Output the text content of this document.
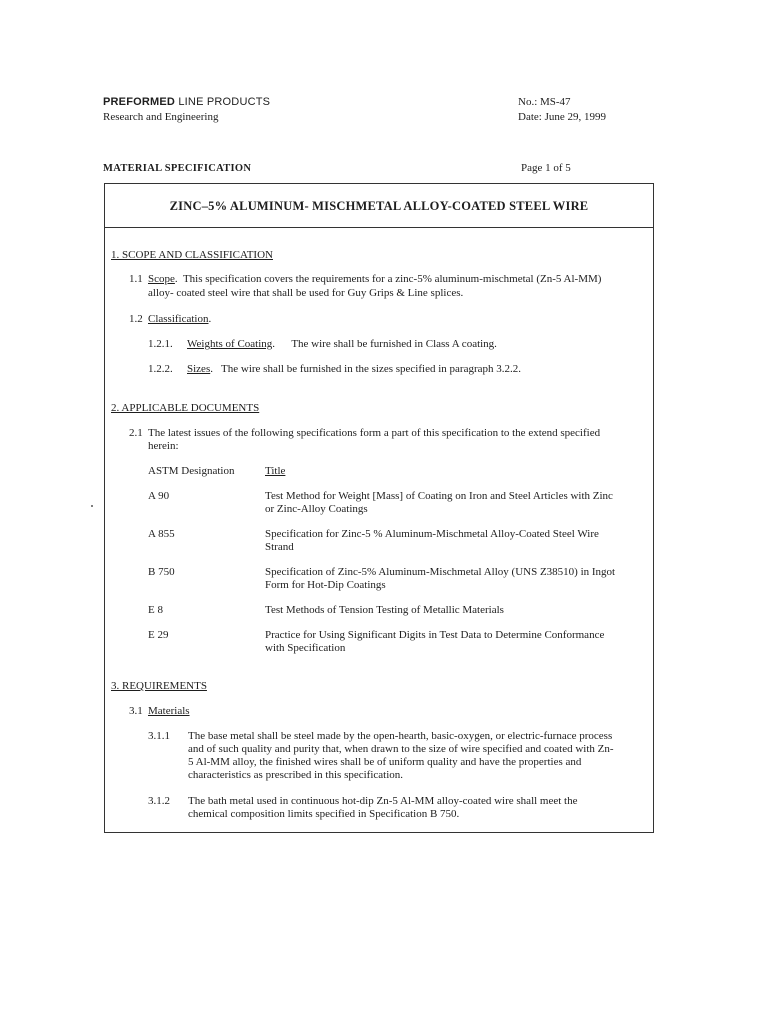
PREFORMED LINE PRODUCTS
Research and Engineering
No.: MS-47
Date: June 29, 1999
MATERIAL SPECIFICATION	Page 1 of 5
ZINC–5% ALUMINUM- MISCHMETAL ALLOY-COATED STEEL WIRE
1. SCOPE AND CLASSIFICATION
1.1 Scope.  This specification covers the requirements for a zinc-5% aluminum-mischmetal (Zn-5 Al-MM)
alloy- coated steel wire that shall be used for Guy Grips & Line splices.
1.2 Classification.
1.2.1. Weights of Coating.      The wire shall be furnished in Class A coating.
1.2.2. Sizes.   The wire shall be furnished in the sizes specified in paragraph 3.2.2.
2. APPLICABLE DOCUMENTS
2.1 The latest issues of the following specifications form a part of this specification to the extend specified
herein:
ASTM Designation	Title
A 90	Test Method for Weight [Mass] of Coating on Iron and Steel Articles with Zinc
or Zinc-Alloy Coatings
A 855	Specification for Zinc-5 % Aluminum-Mischmetal Alloy-Coated Steel Wire
Strand
B 750	Specification of Zinc-5% Aluminum-Mischmetal Alloy (UNS Z38510) in Ingot
Form for Hot-Dip Coatings
E 8	Test Methods of Tension Testing of Metallic Materials
E 29	Practice for Using Significant Digits in Test Data to Determine Conformance
with Specification
3. REQUIREMENTS
3.1 Materials
3.1.1 The base metal shall be steel made by the open-hearth, basic-oxygen, or electric-furnace process
and of such quality and purity that, when drawn to the size of wire specified and coated with Zn-
5 Al-MM alloy, the finished wires shall be of uniform quality and have the properties and
characteristics as prescribed in this specification.
3.1.2 The bath metal used in continuous hot-dip Zn-5 Al-MM alloy-coated wire shall meet the
chemical composition limits specified in Specification B 750.
